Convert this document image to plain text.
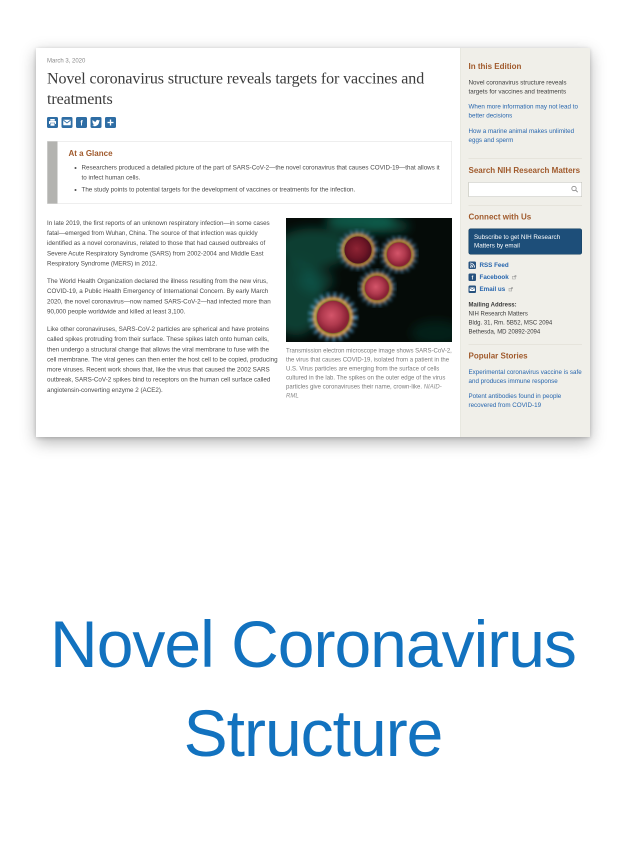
March 3, 2020
Novel coronavirus structure reveals targets for vaccines and treatments
f
At a Glance
• Researchers produced a detailed picture of the part of SARS-CoV-2—the novel coronavirus that causes COVID-19—that allows it to infect human cells.
• The study points to potential targets for the development of vaccines or treatments for the infection.

In late 2019, the first reports of an unknown respiratory infection—in some cases fatal—emerged from Wuhan, China. The source of that infection was quickly identified as a novel coronavirus, related to those that had caused outbreaks of Severe Acute Respiratory Syndrome (SARS) from 2002-2004 and Middle East Respiratory Syndrome (MERS) in 2012.

The World Health Organization declared the illness resulting from the new virus, COVID-19, a Public Health Emergency of International Concern. By early March 2020, the novel coronavirus—now named SARS-CoV-2—had infected more than 90,000 people worldwide and killed at least 3,100.

Like other coronaviruses, SARS-CoV-2 particles are spherical and have proteins called spikes protruding from their surface. These spikes latch onto human cells, then undergo a structural change that allows the viral membrane to fuse with the cell membrane. The viral genes can then enter the host cell to be copied, producing more viruses. Recent work shows that, like the virus that caused the 2002 SARS outbreak, SARS-CoV-2 spikes bind to receptors on the human cell surface called angiotensin-converting enzyme 2 (ACE2).

Transmission electron microscope image shows SARS-CoV-2, the virus that causes COVID-19, isolated from a patient in the U.S. Virus particles are emerging from the surface of cells cultured in the lab. The spikes on the outer edge of the virus particles give coronaviruses their name, crown-like. NIAID-RML
In this Edition
Novel coronavirus structure reveals targets for vaccines and treatments
When more information may not lead to better decisions
How a marine animal makes unlimited eggs and sperm
Search NIH Research Matters
Connect with Us
Subscribe to get NIH Research Matters by email
RSS Feed
f Facebook
Email us
Mailing Address:
NIH Research Matters
Bldg. 31, Rm. 5B52, MSC 2094
Bethesda, MD 20892-2094
Popular Stories
Experimental coronavirus vaccine is safe and produces immune response
Potent antibodies found in people recovered from COVID-19
Novel Coronavirus
Structure
